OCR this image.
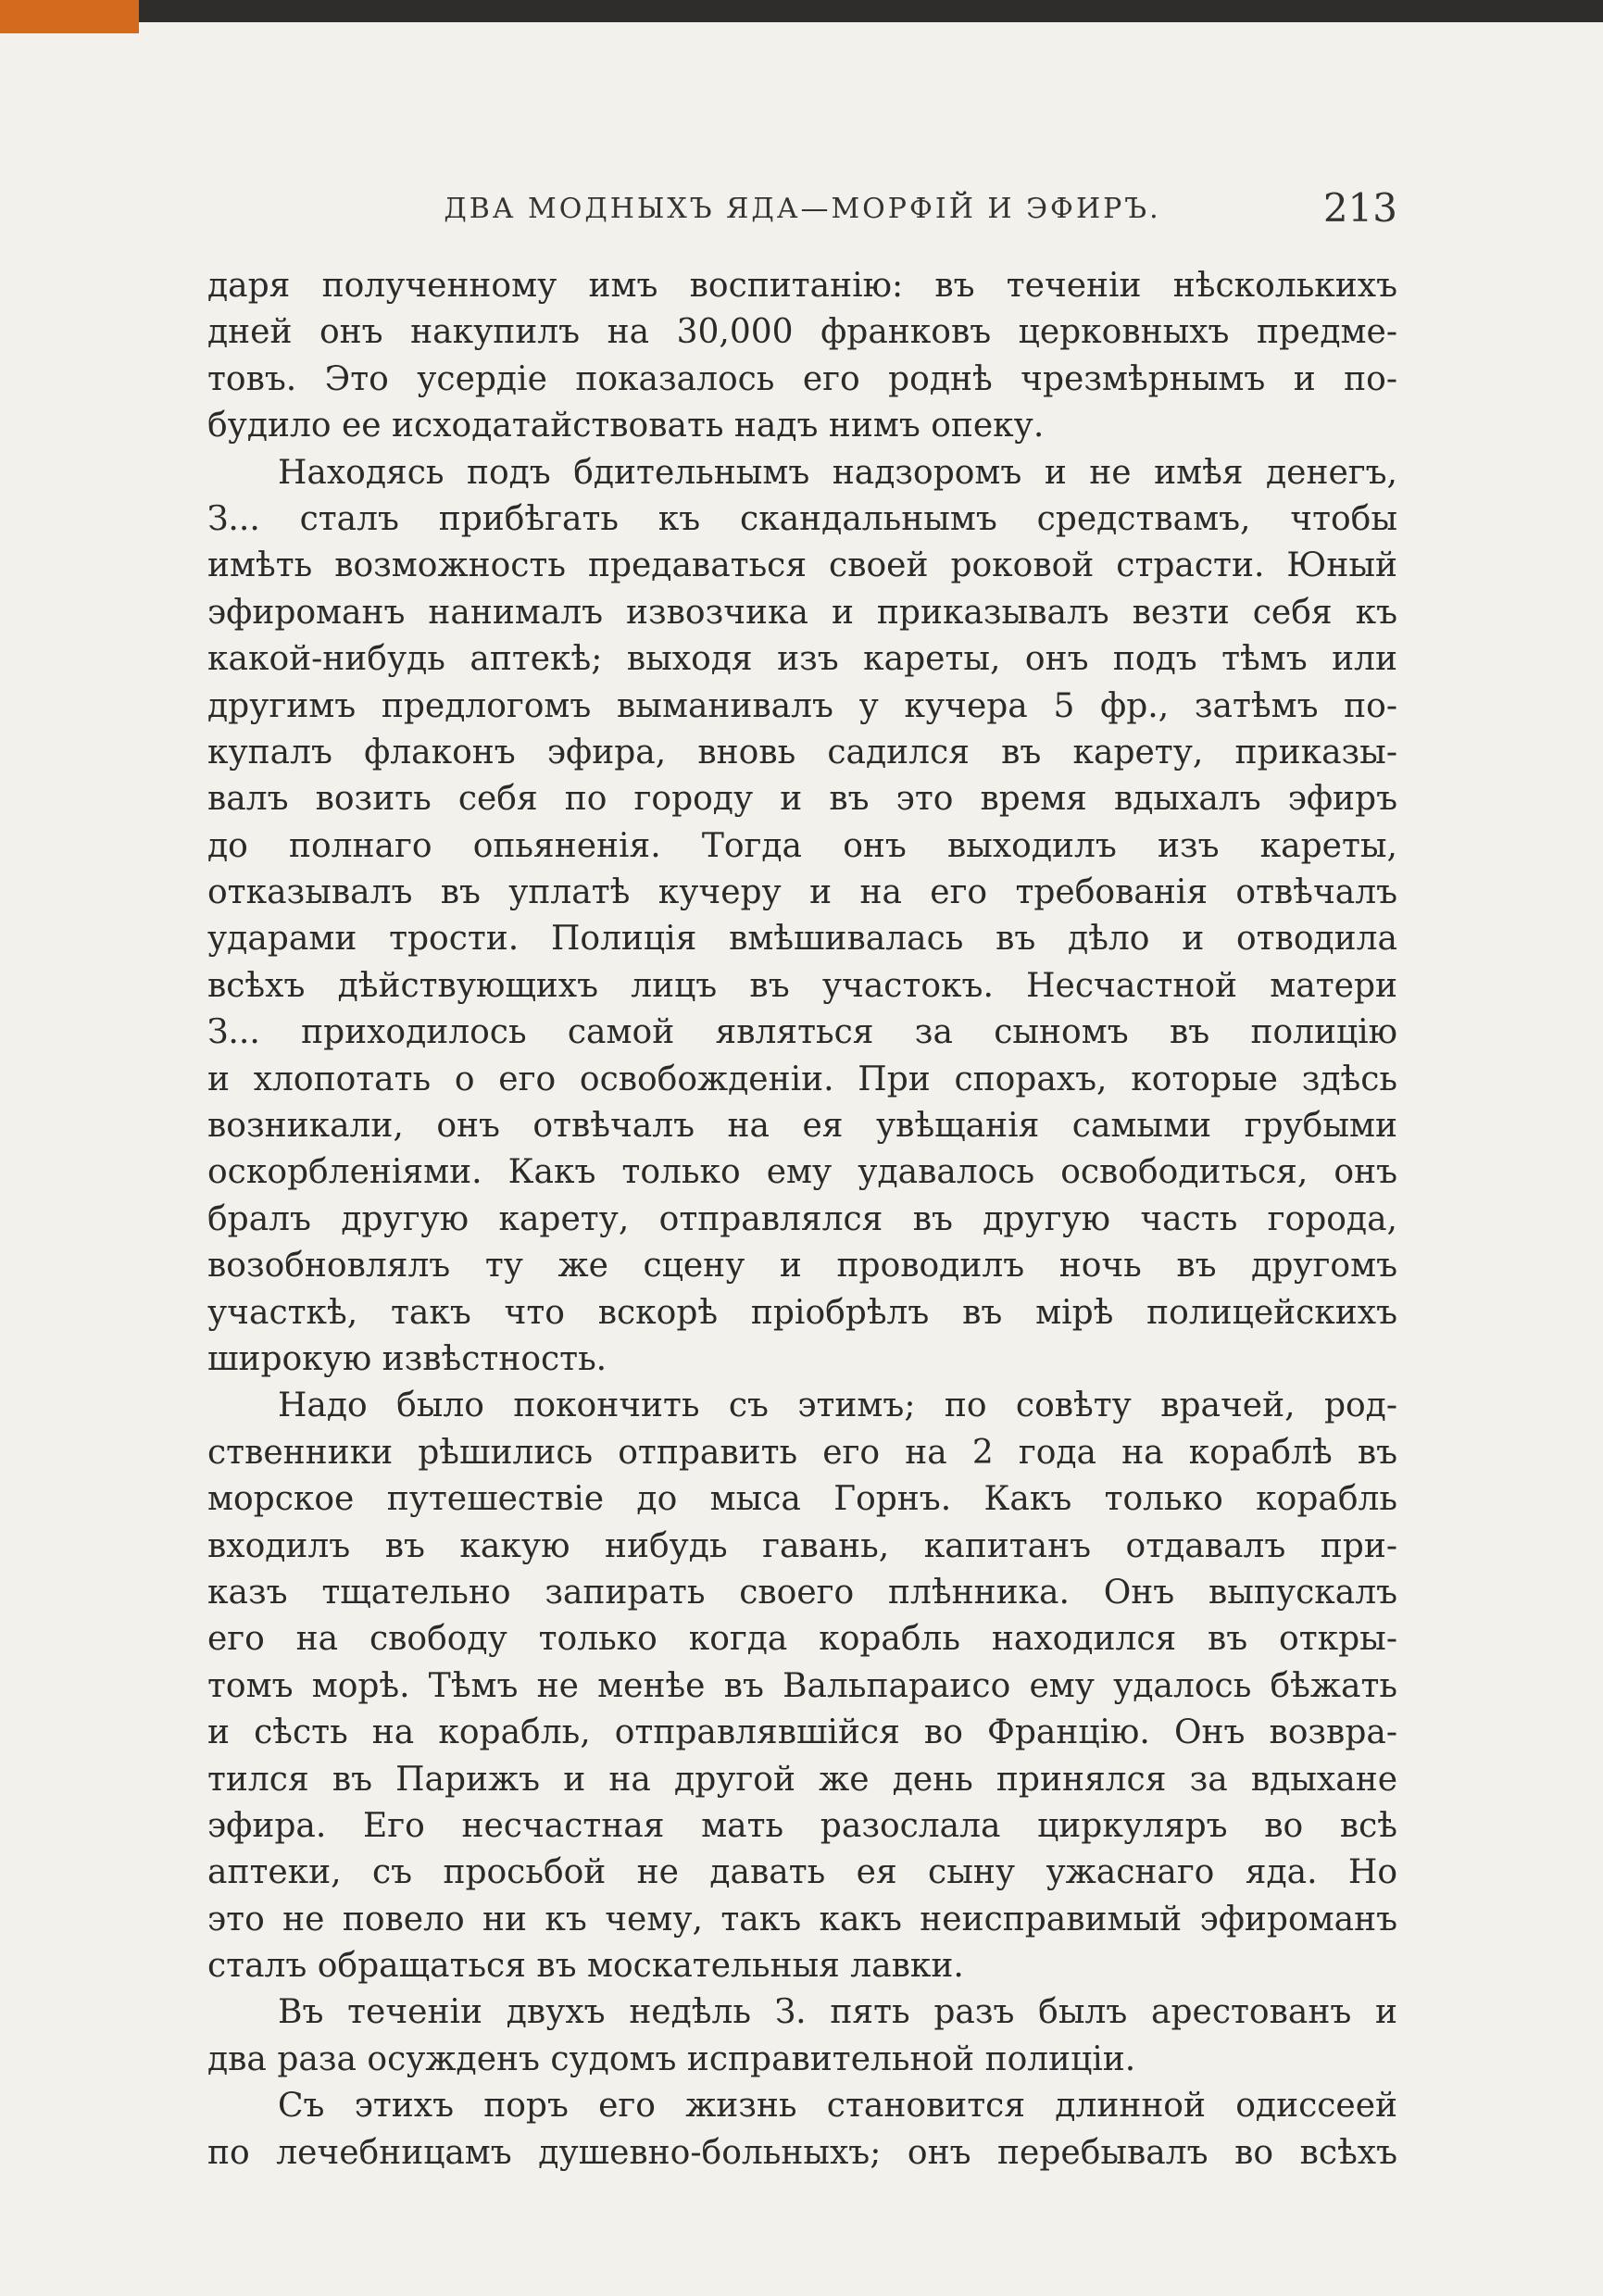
ДВА МОДНЫХЪ ЯДА—МОРФІЙ И ЭФИРЪ.	213
даря полученному имъ воспитанію: въ теченіи нѣсколькихъ
дней онъ накупилъ на 30,000 франковъ церковныхъ предме-
товъ. Это усердіе показалось его роднѣ чрезмѣрнымъ и по-
будило ее исходатайствовать надъ нимъ опеку.
Находясь подъ бдительнымъ надзоромъ и не имѣя денегъ,
З... сталъ прибѣгать къ скандальнымъ средствамъ, чтобы
имѣть возможность предаваться своей роковой страсти. Юный
эфироманъ нанималъ извозчика и приказывалъ везти себя къ
какой-нибудь аптекѣ; выходя изъ кареты, онъ подъ тѣмъ или
другимъ предлогомъ выманивалъ у кучера 5 фр., затѣмъ по-
купалъ флаконъ эфира, вновь садился въ карету, приказы-
валъ возить себя по городу и въ это время вдыхалъ эфиръ
до полнаго опьяненія. Тогда онъ выходилъ изъ кареты,
отказывалъ въ уплатѣ кучеру и на его требованія отвѣчалъ
ударами трости. Полиція вмѣшивалась въ дѣло и отводила
всѣхъ дѣйствующихъ лицъ въ участокъ. Несчастной матери
З... приходилось самой являться за сыномъ въ полицію
и хлопотать о его освобожденіи. При спорахъ, которые здѣсь
возникали, онъ отвѣчалъ на ея увѣщанія самыми грубыми
оскорбленіями. Какъ только ему удавалось освободиться, онъ
бралъ другую карету, отправлялся въ другую часть города,
возобновлялъ ту же сцену и проводилъ ночь въ другомъ
участкѣ, такъ что вскорѣ пріобрѣлъ въ мірѣ полицейскихъ
широкую извѣстность.
Надо было покончить съ этимъ; по совѣту врачей, род-
ственники рѣшились отправить его на 2 года на кораблѣ въ
морское путешествіе до мыса Горнъ. Какъ только корабль
входилъ въ какую нибудь гавань, капитанъ отдавалъ при-
казъ тщательно запирать своего плѣнника. Онъ выпускалъ
его на свободу только когда корабль находился въ откры-
томъ морѣ. Тѣмъ не менѣе въ Вальпараисо ему удалось бѣжать
и сѣсть на корабль, отправлявшійся во Францію. Онъ возвра-
тился въ Парижъ и на другой же день принялся за вдыхане
эфира. Его несчастная мать разослала циркуляръ во всѣ
аптеки, съ просьбой не давать ея сыну ужаснаго яда. Но
это не повело ни къ чему, такъ какъ неисправимый эфироманъ
сталъ обращаться въ москательныя лавки.
Въ теченіи двухъ недѣль З. пять разъ былъ арестованъ и
два раза осужденъ судомъ исправительной полиціи.
Съ этихъ поръ его жизнь становится длинной одиссеей
по лечебницамъ душевно-больныхъ; онъ перебывалъ во всѣхъ
